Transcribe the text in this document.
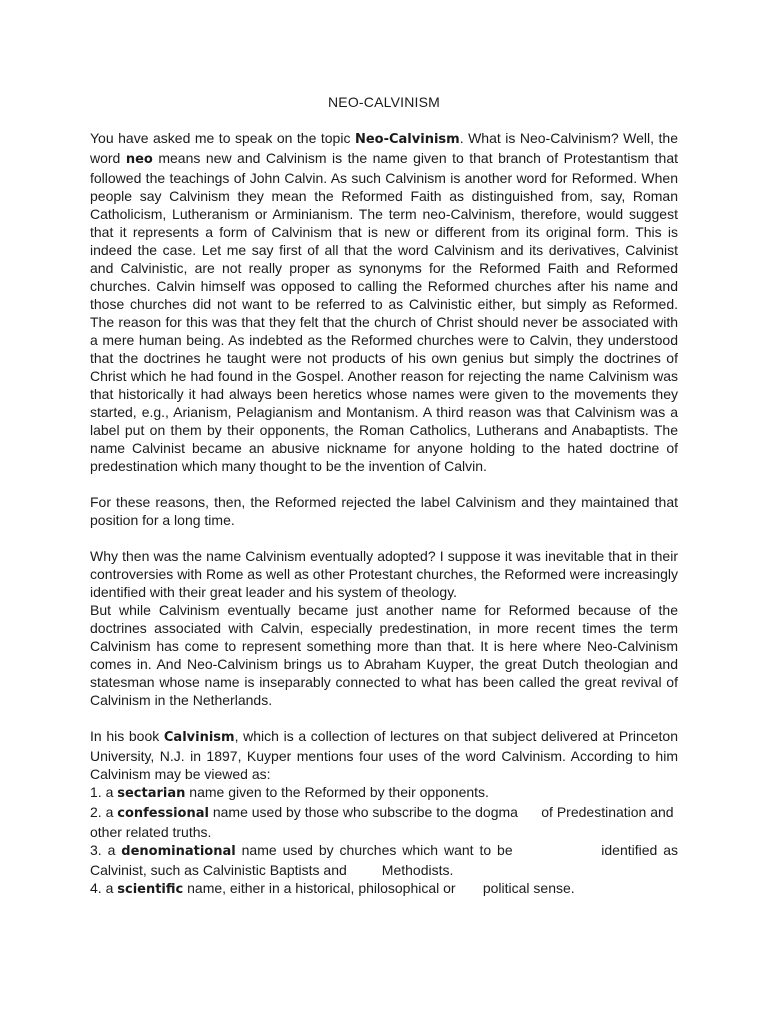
NEO-CALVINISM

You have asked me to speak on the topic Neo-Calvinism. What is Neo-Calvinism? Well, the word neo means new and Calvinism is the name given to that branch of Protestantism that followed the teachings of John Calvin. As such Calvinism is another word for Reformed. When people say Calvinism they mean the Reformed Faith as distinguished from, say, Roman Catholicism, Lutheranism or Arminianism. The term neo-Calvinism, therefore, would suggest that it represents a form of Calvinism that is new or different from its original form. This is indeed the case. Let me say first of all that the word Calvinism and its derivatives, Calvinist and Calvinistic, are not really proper as synonyms for the Reformed Faith and Reformed churches. Calvin himself was opposed to calling the Reformed churches after his name and those churches did not want to be referred to as Calvinistic either, but simply as Reformed. The reason for this was that they felt that the church of Christ should never be associated with a mere human being. As indebted as the Reformed churches were to Calvin, they understood that the doctrines he taught were not products of his own genius but simply the doctrines of Christ which he had found in the Gospel. Another reason for rejecting the name Calvinism was that historically it had always been heretics whose names were given to the movements they started, e.g., Arianism, Pelagianism and Montanism. A third reason was that Calvinism was a label put on them by their opponents, the Roman Catholics, Lutherans and Anabaptists. The name Calvinist became an abusive nickname for anyone holding to the hated doctrine of predestination which many thought to be the invention of Calvin.

For these reasons, then, the Reformed rejected the label Calvinism and they maintained that position for a long time.

Why then was the name Calvinism eventually adopted? I suppose it was inevitable that in their controversies with Rome as well as other Protestant churches, the Reformed were increasingly identified with their great leader and his system of theology.

But while Calvinism eventually became just another name for Reformed because of the doctrines associated with Calvin, especially predestination, in more recent times the term Calvinism has come to represent something more than that. It is here where Neo-Calvinism comes in. And Neo-Calvinism brings us to Abraham Kuyper, the great Dutch theologian and statesman whose name is inseparably connected to what has been called the great revival of Calvinism in the Netherlands.

In his book Calvinism, which is a collection of lectures on that subject delivered at Princeton University, N.J. in 1897, Kuyper mentions four uses of the word Calvinism. According to him Calvinism may be viewed as:

1. a sectarian name given to the Reformed by their opponents.

2. a confessional name used by those who subscribe to the dogma      of Predestination and other related truths.

3. a denominational name used by churches which want to be               identified as Calvinist, such as Calvinistic Baptists and         Methodists.

4. a scientific name, either in a historical, philosophical or       political sense.
